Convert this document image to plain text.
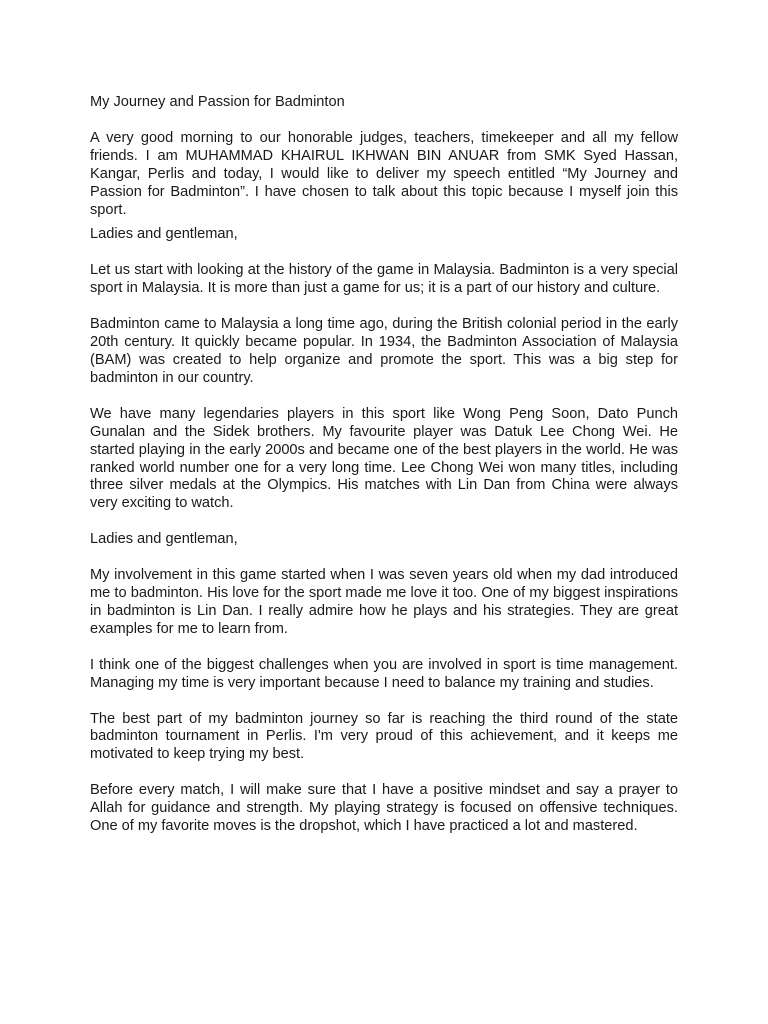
My Journey and Passion for Badminton

A very good morning to our honorable judges, teachers, timekeeper and all my fellow friends. I am MUHAMMAD KHAIRUL IKHWAN BIN ANUAR from SMK Syed Hassan, Kangar, Perlis and today, I would like to deliver my speech entitled “My Journey and Passion for Badminton”. I have chosen to talk about this topic because I myself join this sport.

Ladies and gentleman,

Let us start with looking at the history of the game in Malaysia. Badminton is a very special sport in Malaysia. It is more than just a game for us; it is a part of our history and culture.

Badminton came to Malaysia a long time ago, during the British colonial period in the early 20th century. It quickly became popular. In 1934, the Badminton Association of Malaysia (BAM) was created to help organize and promote the sport. This was a big step for badminton in our country.

We have many legendaries players in this sport like Wong Peng Soon, Dato Punch Gunalan and the Sidek brothers. My favourite player was Datuk Lee Chong Wei. He started playing in the early 2000s and became one of the best players in the world. He was ranked world number one for a very long time. Lee Chong Wei won many titles, including three silver medals at the Olympics. His matches with Lin Dan from China were always very exciting to watch.

Ladies and gentleman,

My involvement in this game started when I was seven years old when my dad introduced me to badminton. His love for the sport made me love it too. One of my biggest inspirations in badminton is Lin Dan. I really admire how he plays and his strategies. They are great examples for me to learn from.

I think one of the biggest challenges when you are involved in sport is time management. Managing my time is very important because I need to balance my training and studies.

The best part of my badminton journey so far is reaching the third round of the state badminton tournament in Perlis. I'm very proud of this achievement, and it keeps me motivated to keep trying my best.

Before every match, I will make sure that I have a positive mindset and say a prayer to Allah for guidance and strength. My playing strategy is focused on offensive techniques. One of my favorite moves is the dropshot, which I have practiced a lot and mastered.
